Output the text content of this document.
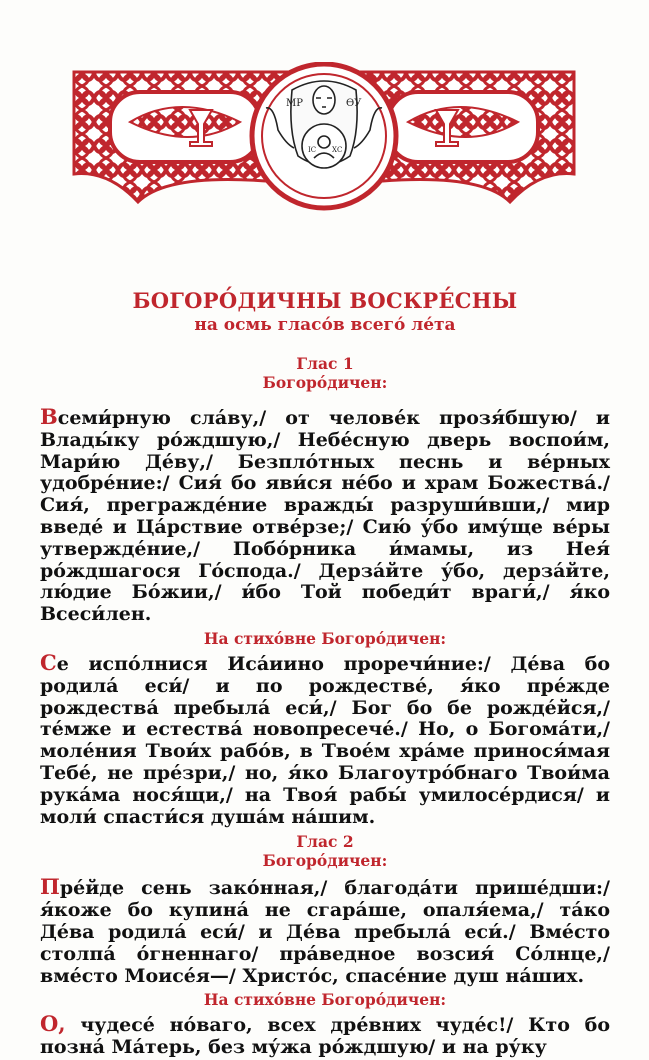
МР	ѲУ
ІС ХС
БОГОРО́ДИЧНЫ ВОСКРЕ́СНЫ
на осмь гласо́в всего́ ле́та
Глас 1
Богоро́дичен:

Всеми́рную сла́ву,/ от челове́к прозя́бшую/ и Влады́ку ро́ждшую,/ Небе́сную дверь воспои́м, Мари́ю Де́ву,/ Безпло́тных песнь и ве́рных удобре́ние:/ Сия́ бо яви́ся не́бо и храм Божества́./ Сия́, прегражде́ние вражды́ разруши́вши,/ мир введе́ и Ца́рствие отве́рзе;/ Сию́ у́бо иму́ще ве́ры утвержде́ние,/ Побо́рника и́мамы, из Нея́ ро́ждшагося Го́спода./ Дерза́йте у́бо, дерза́йте, лю́дие Бо́жии,/ и́бо Той победи́т враги́,/ я́ко Всеси́лен.

На стихо́вне Богоро́дичен:

Се испо́лнися Иса́иино проречи́ние:/ Де́ва бо родила́ еси́/ и по рождестве́, я́ко пре́жде рождества́ пребыла́ еси́,/ Бог бо бе рожде́йся,/те́мже и естества́ новопресече́./ Но, о Богома́ти,/ моле́ния Твои́х рабо́в, в Твое́м хра́ме принося́мая Тебе́, не пре́зри,/ но, я́ко Благоутро́бнаго Твои́ма рука́ма нося́щи,/ на Твоя́ рабы́ умилосе́рдися/ и моли́ спасти́ся душа́м на́шим.

Глас 2
Богоро́дичен:

Пре́йде сень зако́нная,/ благода́ти прише́дши:/ я́коже бо купина́ не сгара́ше, опаля́ема,/ та́ко Де́ва родила́ еси́/ и Де́ва пребыла́ еси́./ Вме́сто столпа́ о́гненнаго/ пра́ведное возсия́ Со́лнце,/ вме́сто Моисе́я—/ Христо́с, спасе́ние душ на́ших.

На стихо́вне Богоро́дичен:

О, чудесе́ но́ваго, всех дре́вних чуде́с!/ Кто бо позна́ Ма́терь, без му́жа ро́ждшую/ и на ру́ку
